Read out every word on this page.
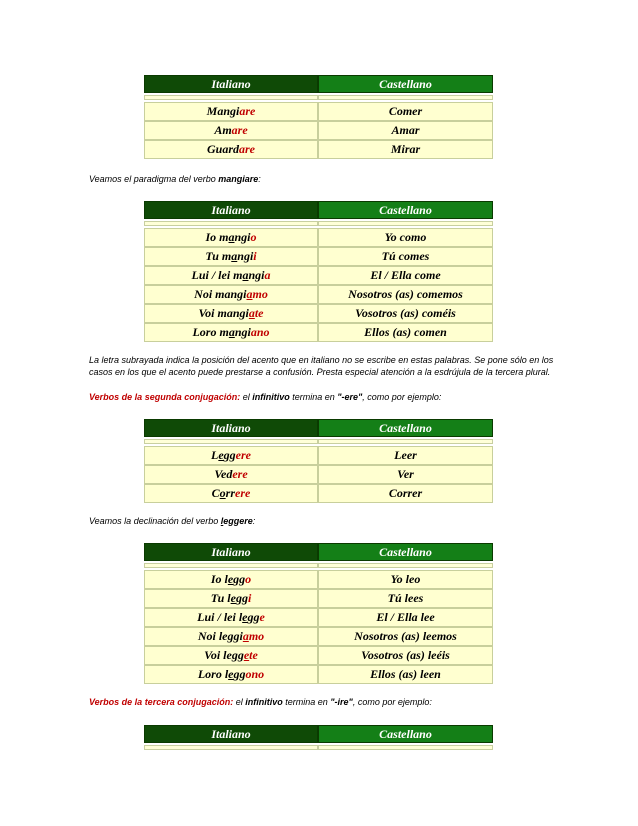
Italiano	Castellano
Mangi are	Comer
Am are	Amar
Guard are	Mirar
Veamos el paradigma del verbo mangiare:
Italiano	Castellano
Io m a ngi o	Yo como
Tu m a ngi i	Tú comes
Lui / lei m a ngi a	El / Ella come
Noi mangi a mo	Nosotros (as) comemos
Voi mangi a te	Vosotros (as) coméis
Loro m a ngi ano	Ellos (as) comen
La letra subrayada indica la posición del acento que en italiano no se escribe en estas palabras. Se pone sólo en los
casos en los que el acento puede prestarse a confusión. Presta especial atención a la esdrújula de la tercera plural.
Verbos de la segunda conjugación: el infinitivo termina en "-ere", como por ejemplo:
Italiano	Castellano
L e gg ere	Leer
Ved ere	Ver
C o rr ere	Correr
Veamos la declinación del verbo leggere:
Italiano	Castellano
Io l e gg o	Yo leo
Tu l e gg i	Tú lees
Lui / lei l e gg e	El / Ella lee
Noi leggi a mo	Nosotros (as) leemos
Voi legg e te	Vosotros (as) leéis
Loro l e gg ono	Ellos (as) leen
Verbos de la tercera conjugación: el infinitivo termina en "-ire", como por ejemplo:
Italiano	Castellano
